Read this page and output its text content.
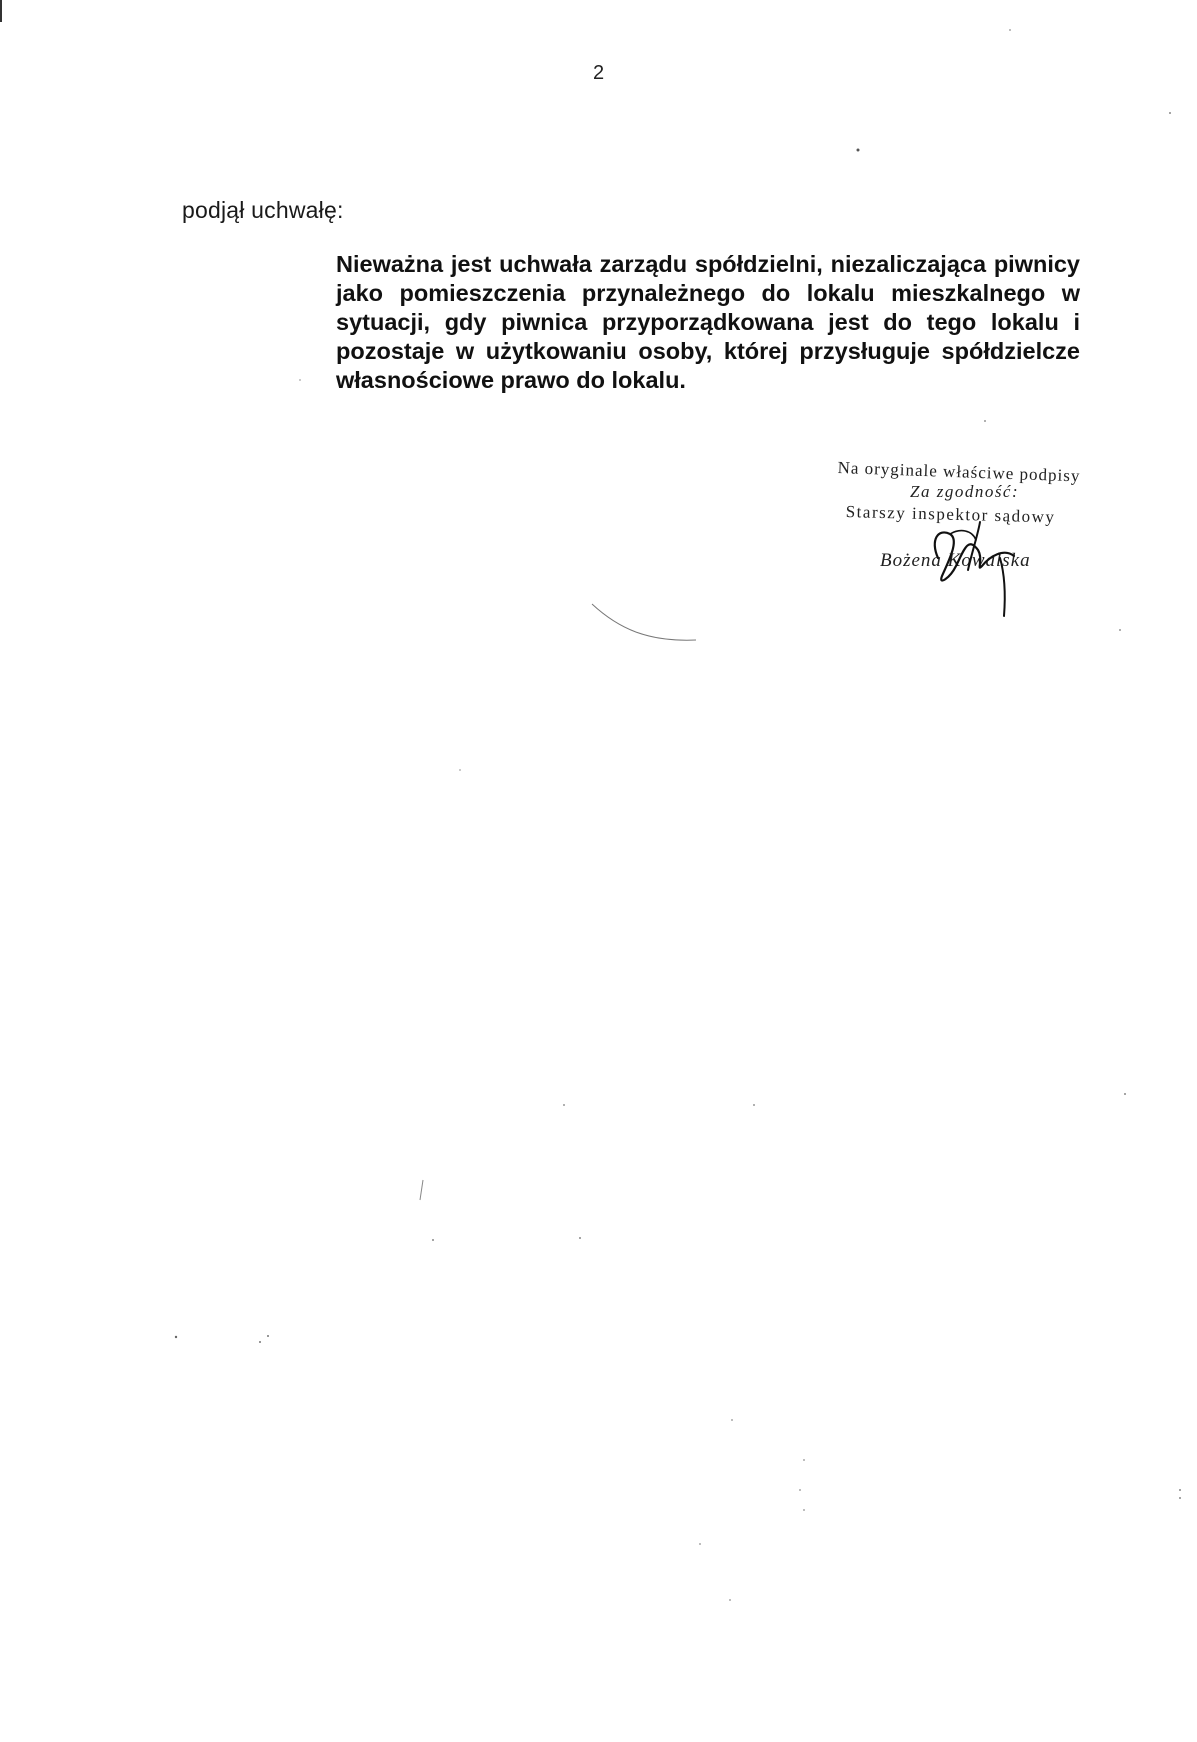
2
podjął uchwałę:
Nieważna jest uchwała zarządu spółdzielni, niezaliczająca piwnicy jako pomieszczenia przynależnego do lokalu mieszkalnego w sytuacji, gdy piwnica przyporządkowana jest do tego lokalu i pozostaje w użytkowaniu osoby, której przysługuje spółdzielcze własnościowe prawo do lokalu.
Na oryginale właściwe podpisy
Za zgodność:
Starszy inspektor sądowy
Bożena Kowalska
